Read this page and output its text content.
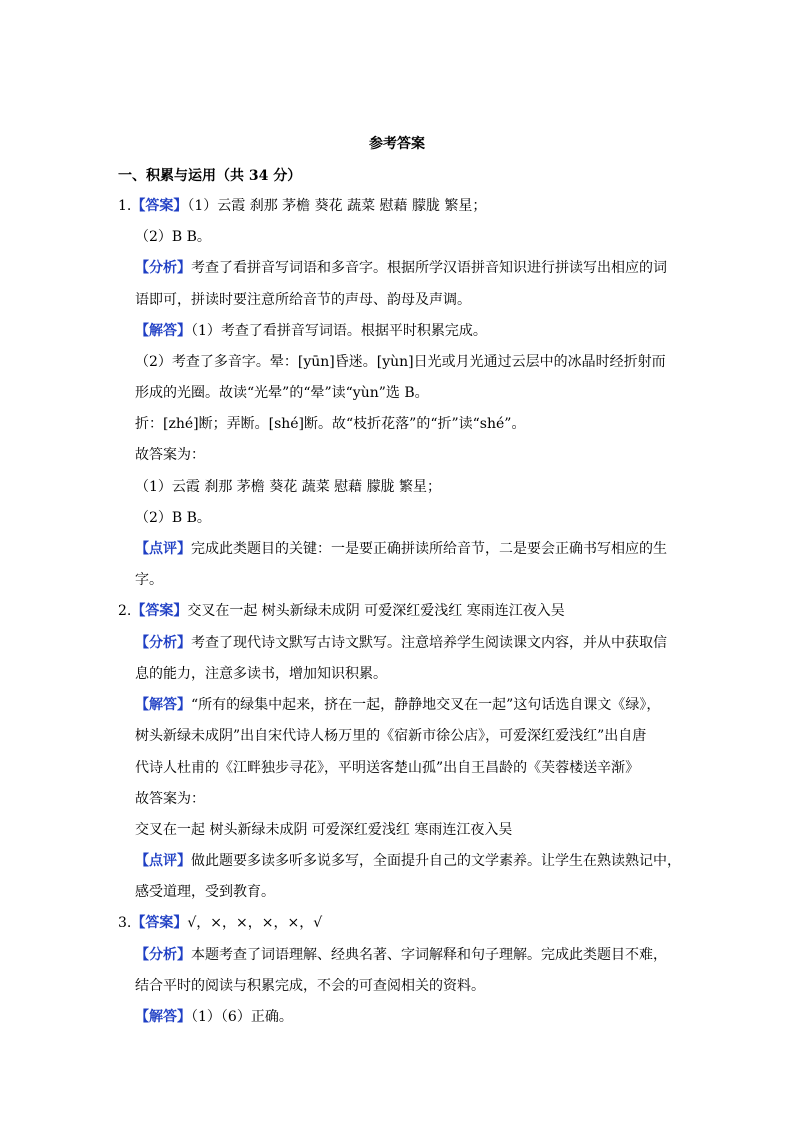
参考答案
一、积累与运用（共 34 分）
1.【答案】（1）云霞 刹那 茅檐 葵花 蔬菜 慰藉 朦胧 繁星；
（2）B B。
【分析】考查了看拼音写词语和多音字。根据所学汉语拼音知识进行拼读写出相应的词
语即可，拼读时要注意所给音节的声母、韵母及声调。
【解答】（1）考查了看拼音写词语。根据平时积累完成。
（2）考查了多音字。晕：[yūn]昏迷。[yùn]日光或月光通过云层中的冰晶时经折射而
形成的光圈。故读“光晕”的“晕”读“yùn”选 B。
折：[zhé]断；弄断。[shé]断。故“枝折花落”的“折”读“shé”。
故答案为：
（1）云霞 刹那 茅檐 葵花 蔬菜 慰藉 朦胧 繁星；
（2）B B。
【点评】完成此类题目的关键：一是要正确拼读所给音节，二是要会正确书写相应的生
字。
2.【答案】交叉在一起 树头新绿未成阴 可爱深红爱浅红 寒雨连江夜入吴
【分析】考查了现代诗文默写古诗文默写。注意培养学生阅读课文内容，并从中获取信
息的能力，注意多读书，增加知识积累。
【解答】“所有的绿集中起来，挤在一起，静静地交叉在一起”这句话选自课文《绿》，
树头新绿未成阴”出自宋代诗人杨万里的《宿新市徐公店》，可爱深红爱浅红”出自唐
代诗人杜甫的《江畔独步寻花》，平明送客楚山孤”出自王昌龄的《芙蓉楼送辛渐》
故答案为：
交叉在一起 树头新绿未成阴 可爱深红爱浅红 寒雨连江夜入吴
【点评】做此题要多读多听多说多写，全面提升自己的文学素养。让学生在熟读熟记中，
感受道理，受到教育。
3.【答案】√，×，×，×，×，√
【分析】本题考查了词语理解、经典名著、字词解释和句子理解。完成此类题目不难，
结合平时的阅读与积累完成，不会的可查阅相关的资料。
【解答】（1）（6）正确。
